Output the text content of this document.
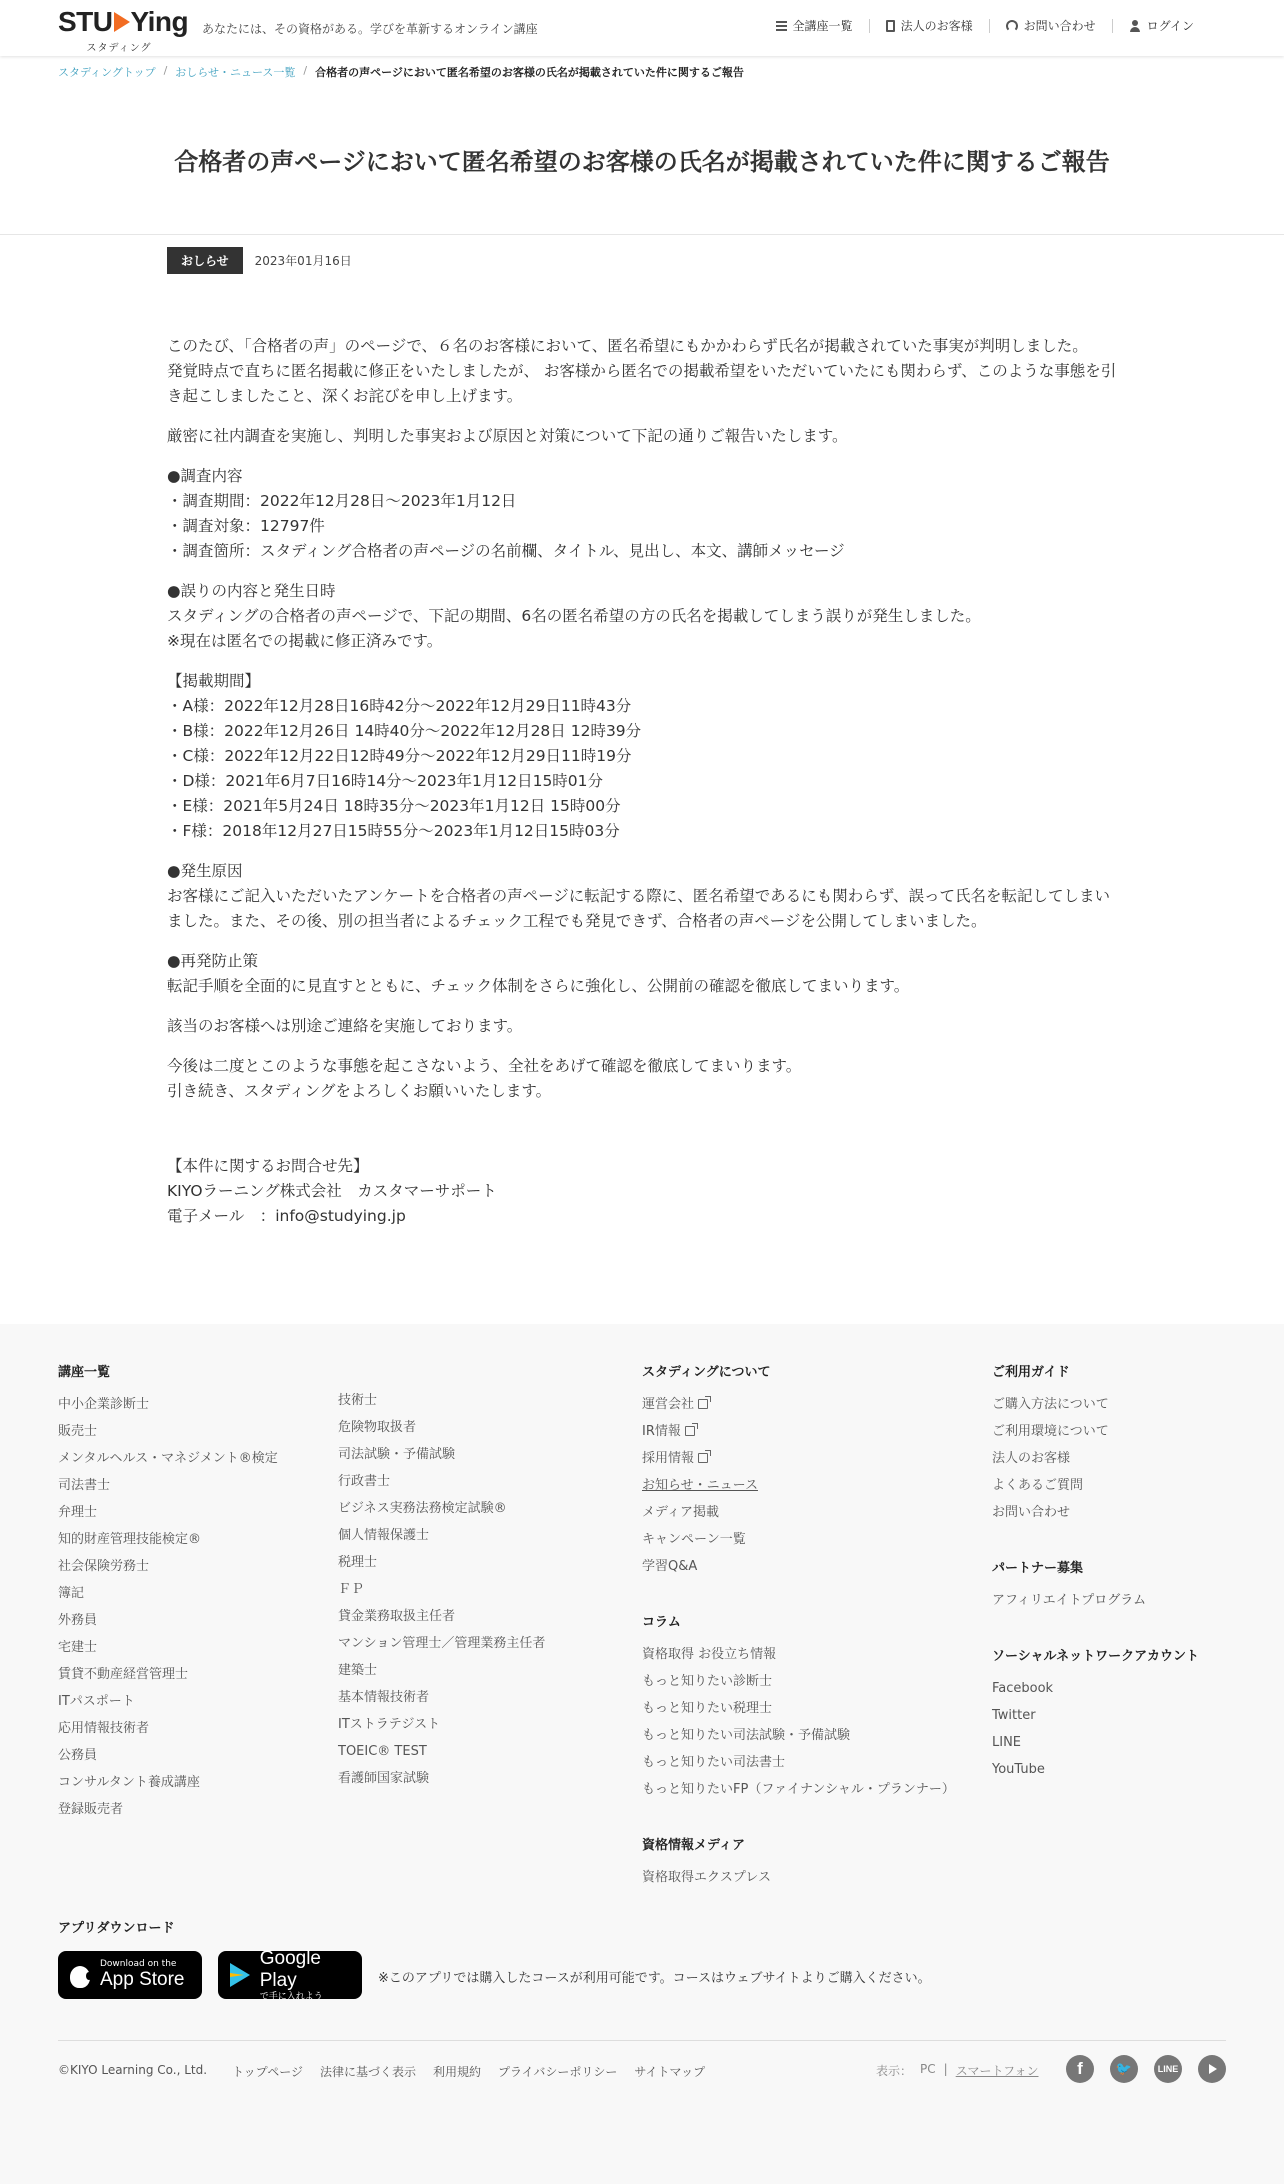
STU Ying
スタディング
あなたには、その資格がある。学びを革新するオンライン講座	全講座一覧	法人のお客様	お問い合わせ	ログイン
スタディングトップ / おしらせ・ニュース一覧 / 合格者の声ページにおいて匿名希望のお客様の氏名が掲載されていた件に関するご報告
合格者の声ページにおいて匿名希望のお客様の氏名が掲載されていた件に関するご報告
おしらせ	2023年01月16日

このたび、「合格者の声」のページで、６名のお客様において、匿名希望にもかかわらず氏名が掲載されていた事実が判明しました。
発覚時点で直ちに匿名掲載に修正をいたしましたが、 お客様から匿名での掲載希望をいただいていたにも関わらず、このような事態を引き起こしましたこと、深くお詫びを申し上げます。

厳密に社内調査を実施し、判明した事実および原因と対策について下記の通りご報告いたします。

●調査内容
・調査期間：2022年12月28日～2023年1月12日
・調査対象：12797件
・調査箇所：スタディング合格者の声ページの名前欄、タイトル、見出し、本文、講師メッセージ

●誤りの内容と発生日時
スタディングの合格者の声ページで、下記の期間、6名の匿名希望の方の氏名を掲載してしまう誤りが発生しました。
※現在は匿名での掲載に修正済みです。

【掲載期間】
・A様：2022年12月28日16時42分～2022年12月29日11時43分
・B様：2022年12月26日 14時40分～2022年12月28日 12時39分
・C様：2022年12月22日12時49分～2022年12月29日11時19分
・D様：2021年6月7日16時14分～2023年1月12日15時01分
・E様：2021年5月24日 18時35分～2023年1月12日 15時00分
・F様：2018年12月27日15時55分～2023年1月12日15時03分

●発生原因
お客様にご記入いただいたアンケートを合格者の声ページに転記する際に、匿名希望であるにも関わらず、誤って氏名を転記してしまいました。また、その後、別の担当者によるチェック工程でも発見できず、合格者の声ページを公開してしまいました。

●再発防止策
転記手順を全面的に見直すとともに、チェック体制をさらに強化し、公開前の確認を徹底してまいります。

該当のお客様へは別途ご連絡を実施しております。

今後は二度とこのような事態を起こさないよう、全社をあげて確認を徹底してまいります。
引き続き、スタディングをよろしくお願いいたします。

【本件に関するお問合せ先】
KIYOラーニング株式会社　カスタマーサポート
電子メール　：info@studying.jp

講座一覧
中小企業診断士
販売士
メンタルヘルス・マネジメント®検定
司法書士
弁理士
知的財産管理技能検定®
社会保険労務士
簿記
外務員
宅建士
賃貸不動産経営管理士
ITパスポート
応用情報技術者
公務員
コンサルタント養成講座
登録販売者
技術士
危険物取扱者
司法試験・予備試験
行政書士
ビジネス実務法務検定試験®
個人情報保護士
税理士
ＦＰ
貸金業務取扱主任者
マンション管理士／管理業務主任者
建築士
基本情報技術者
ITストラテジスト
TOEIC® TEST
看護師国家試験
スタディングについて
運営会社
IR情報
採用情報
お知らせ・ニュース
メディア掲載
キャンペーン一覧
学習Q&A
コラム
資格取得 お役立ち情報
もっと知りたい診断士
もっと知りたい税理士
もっと知りたい司法試験・予備試験
もっと知りたい司法書士
もっと知りたいFP（ファイナンシャル・プランナー）
資格情報メディア
資格取得エクスプレス
ご利用ガイド
ご購入方法について
ご利用環境について
法人のお客様
よくあるご質問
お問い合わせ
パートナー募集
アフィリエイトプログラム
ソーシャルネットワークアカウント
Facebook
Twitter
LINE
YouTube
アプリダウンロード
Download on the
App Store
Google Play
で手に入れよう
※このアプリでは購入したコースが利用可能です。コースはウェブサイトよりご購入ください。
©KIYO Learning Co., Ltd. トップページ 法律に基づく表示 利用規約 プライバシーポリシー サイトマップ	表示： PC | スマートフォン	f	🐦	LINE
